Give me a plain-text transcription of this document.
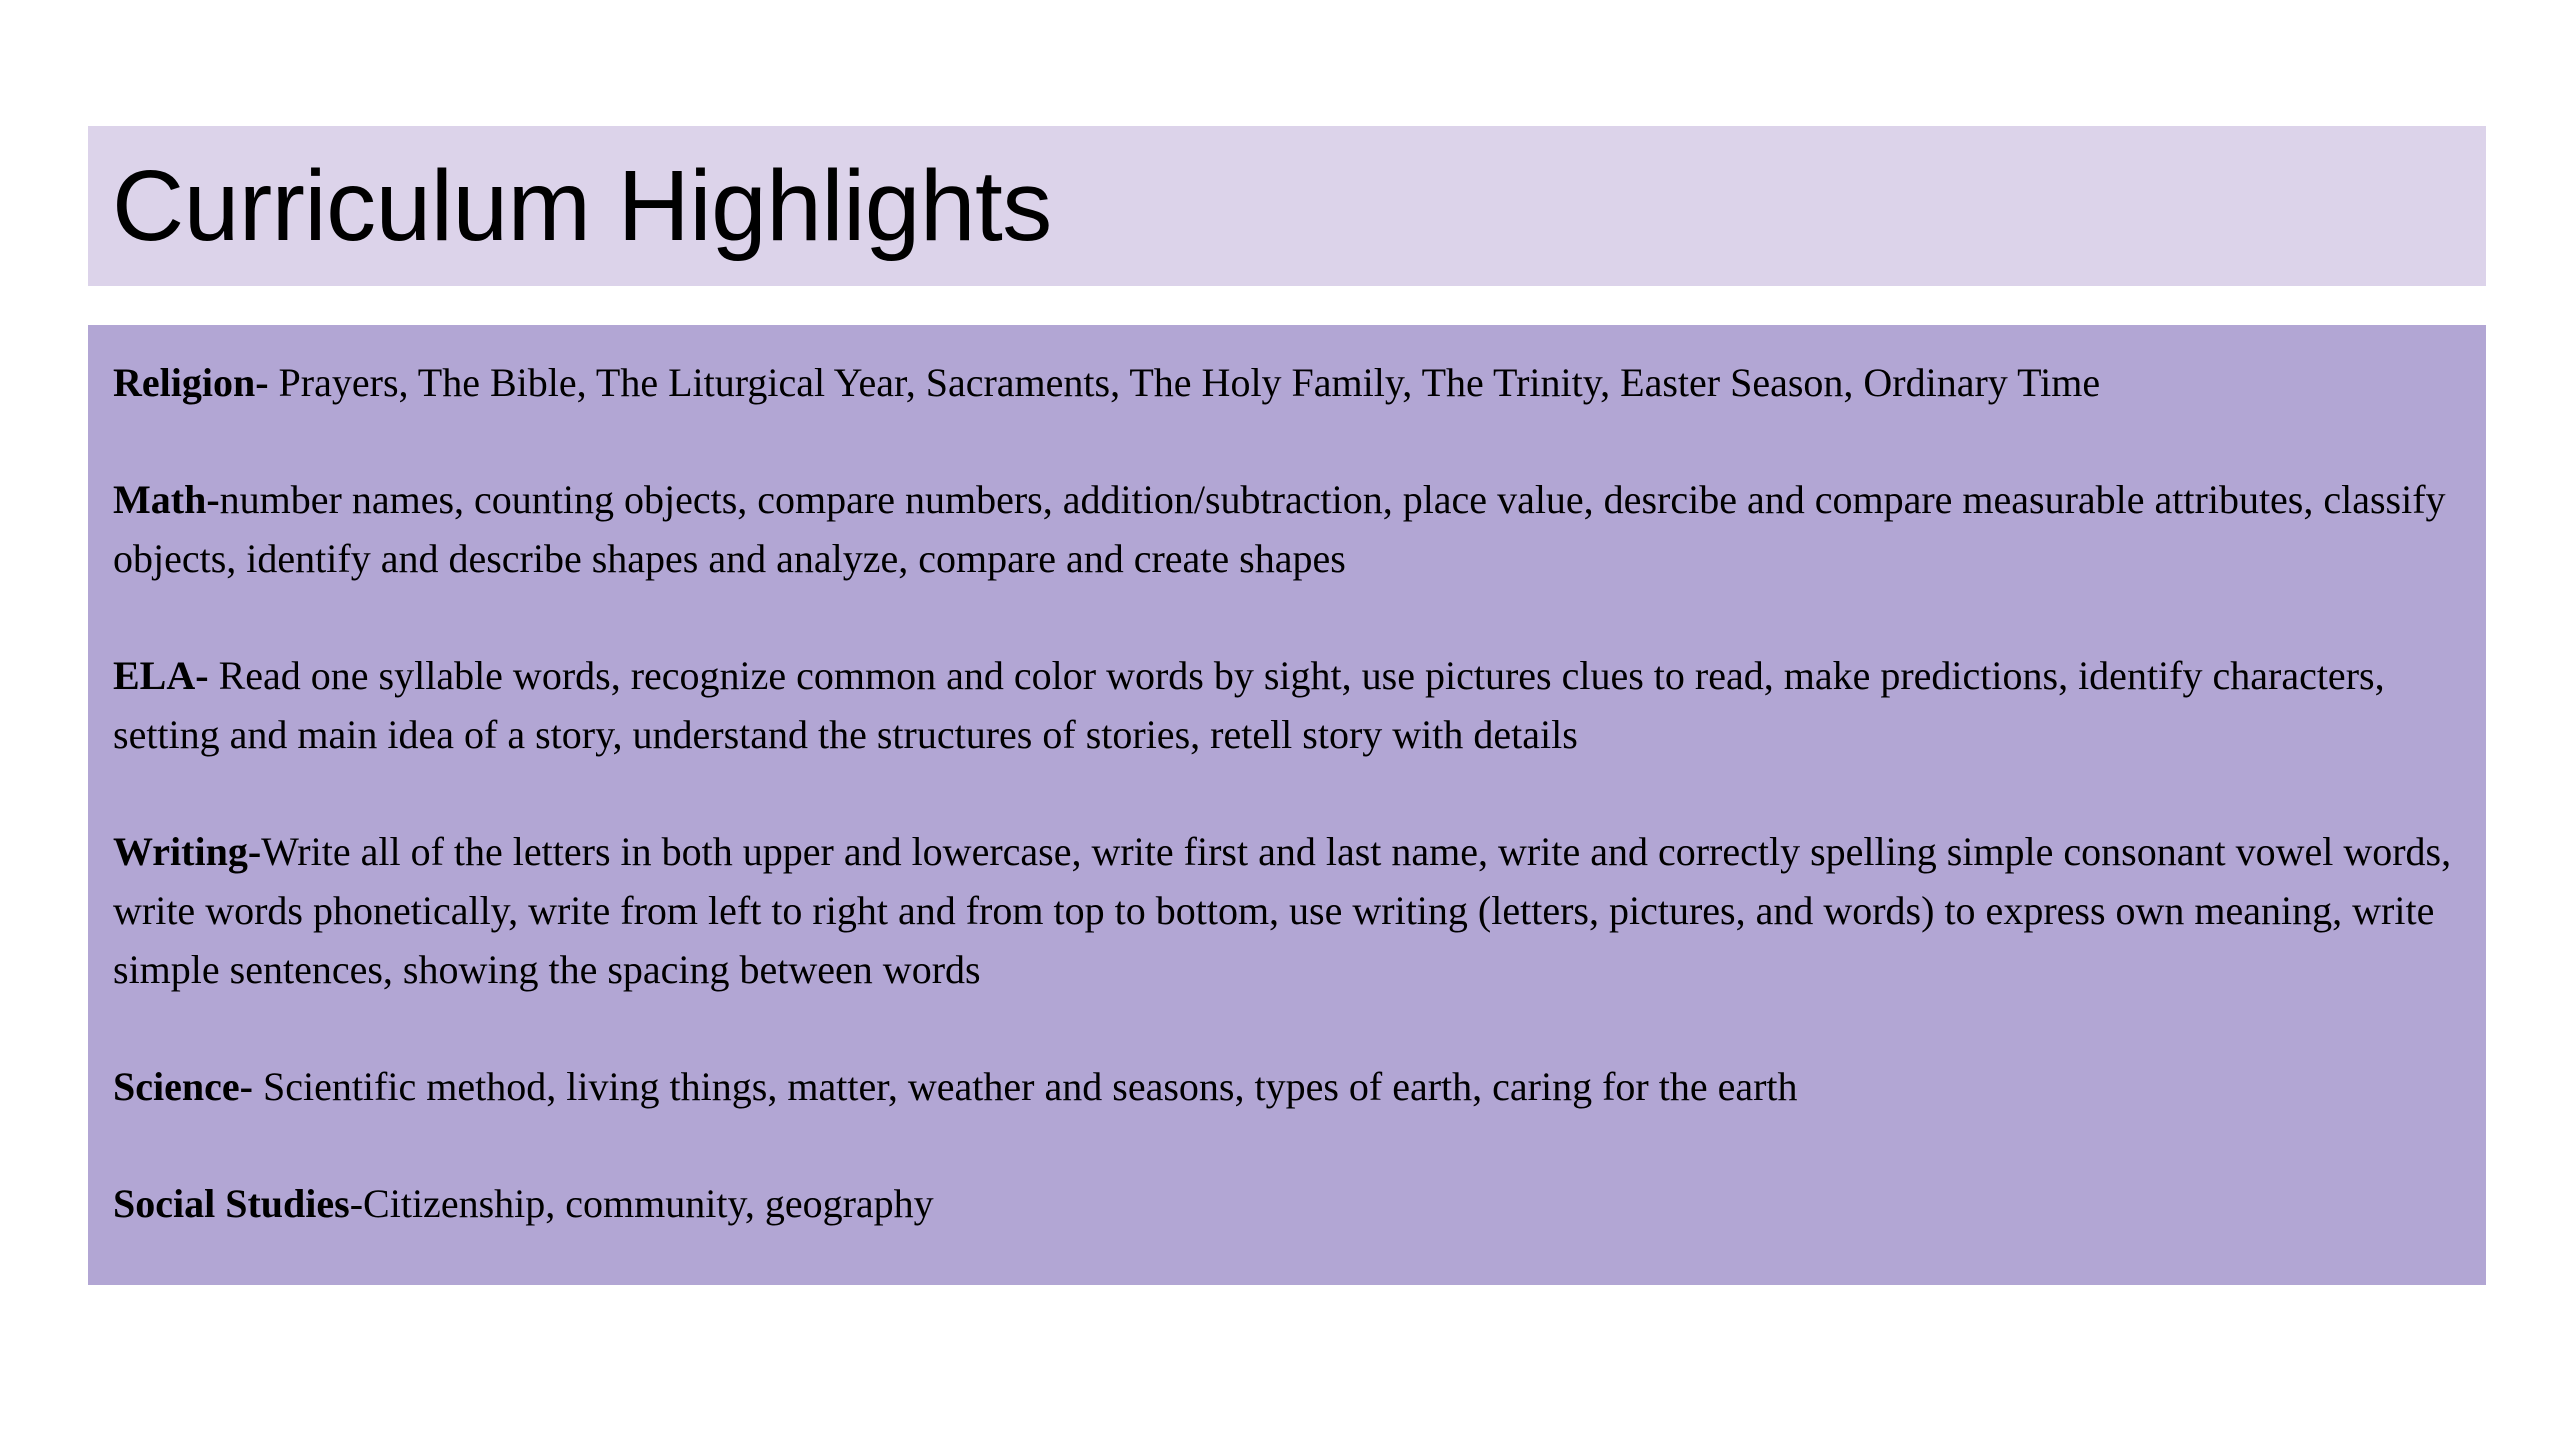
Curriculum Highlights

Religion- Prayers, The Bible, The Liturgical Year, Sacraments, The Holy Family, The Trinity, Easter Season, Ordinary Time

Math-number names, counting objects, compare numbers, addition/subtraction, place value, desrcibe and compare measurable attributes, classify objects, identify and describe shapes and analyze, compare and create shapes

ELA- Read one syllable words, recognize common and color words by sight, use pictures clues to read, make predictions, identify characters, setting and main idea of a story, understand the structures of stories, retell story with details

Writing-Write all of the letters in both upper and lowercase, write first and last name, write and correctly spelling simple consonant vowel words, write words phonetically, write from left to right and from top to bottom, use writing (letters, pictures, and words) to express own meaning, write simple sentences, showing the spacing between words

Science- Scientific method, living things, matter, weather and seasons, types of earth, caring for the earth

Social Studies-Citizenship, community, geography
